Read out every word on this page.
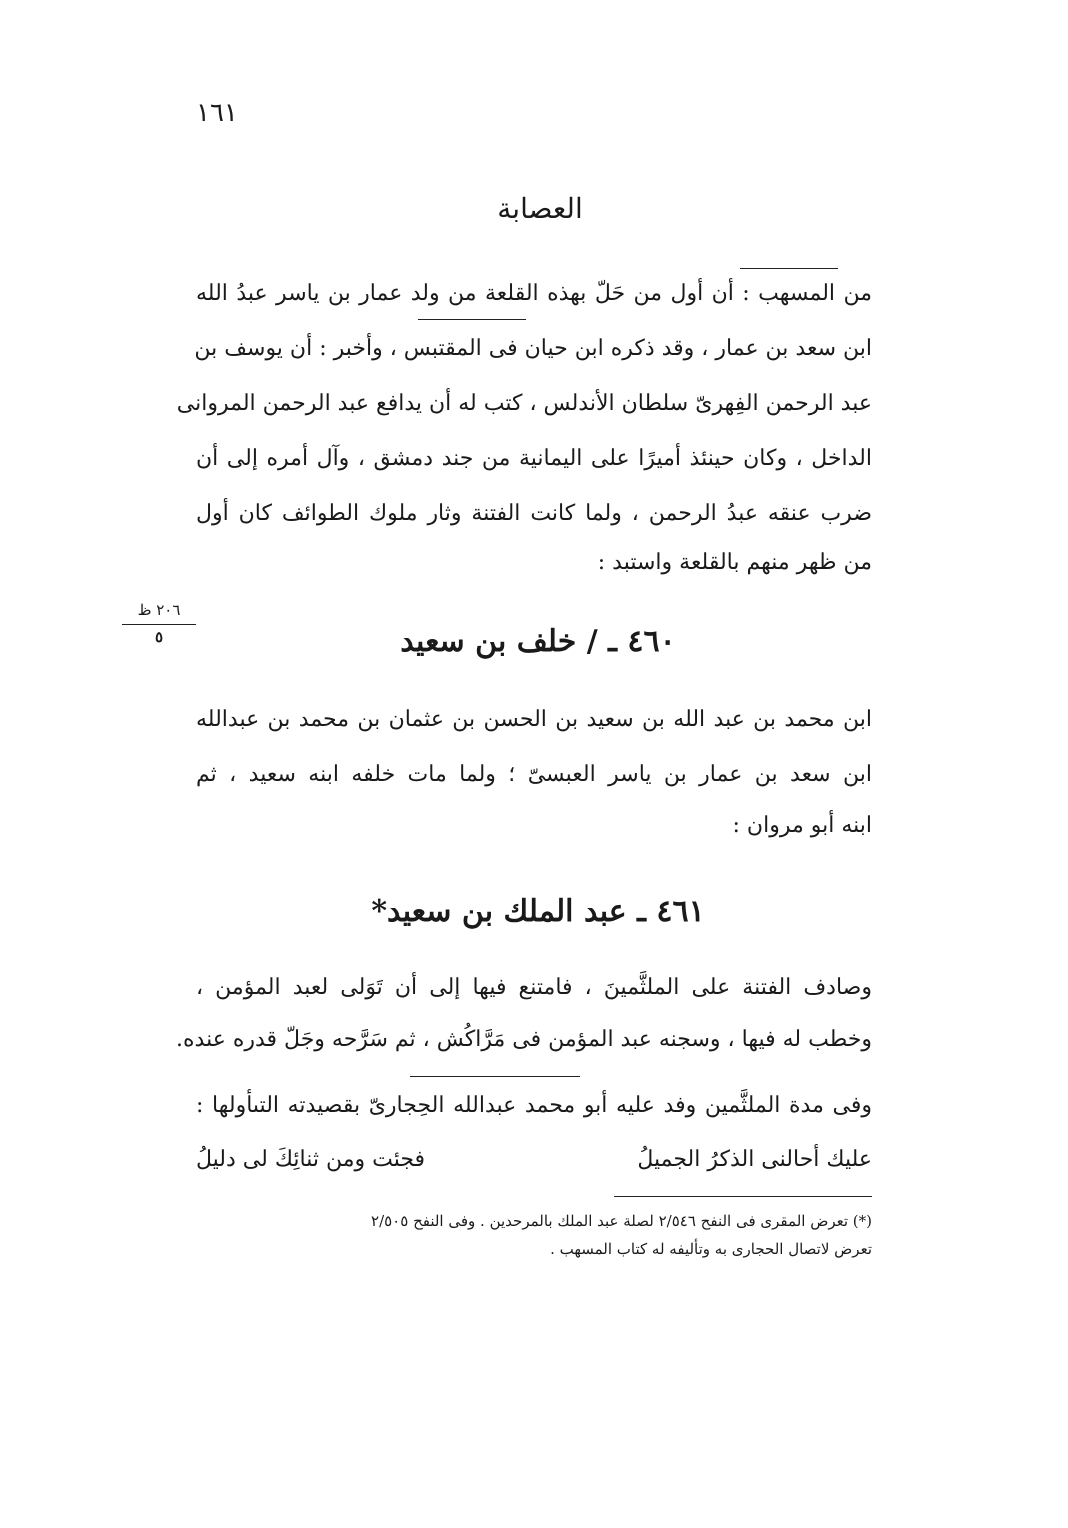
١٦١
العصابة
من المسهب : أن أول من حَلّ بهذه القلعة من ولد عمار بن ياسر عبدُ الله
ابن سعد بن عمار ، وقد ذكره ابن حيان فى المقتبس ، وأخبر : أن يوسف بن
عبد الرحمن الفِهرىّ سلطان الأندلس ، كتب له أن يدافع عبد الرحمن المروانى
الداخل ، وكان حينئذ أميرًا على اليمانية من جند دمشق ، وآل أمره إلى أن
ضرب عنقه عبدُ الرحمن ، ولما كانت الفتنة وثار ملوك الطوائف كان أول
من ظهر منهم بالقلعة واستبد :
٢٠٦ ظ
٥	٤٦٠ ـ / خلف بن سعيد
ابن محمد بن عبد الله بن سعيد بن الحسن بن عثمان بن محمد بن عبدالله
ابن سعد بن عمار بن ياسر العبسىّ ؛ ولما مات خلفه ابنه سعيد ، ثم
ابنه أبو مروان :
٤٦١ ـ عبد الملك بن سعيد*
وصادف الفتنة على الملثَّمينَ ، فامتنع فيها إلى أن تَوَلى لعبد المؤمن ،
وخطب له فيها ، وسجنه عبد المؤمن فى مَرَّاكُش ، ثم سَرَّحه وجَلّ قدره عنده.
وفى مدة الملثَّمين وفد عليه أبو محمد عبدالله الحِجارىّ بقصيدته التىأولها :
عليك أحالنى الذكرُ الجميلُ
فجئت ومن ثنائِكَ لى دليلُ
(*) تعرض المقرى فى النفح ٢/٥٤٦ لصلة عبد الملك بالمرحدين . وفى النفح ٢/٥٠٥
تعرض لاتصال الحجارى به وتأليفه له كتاب المسهب .
